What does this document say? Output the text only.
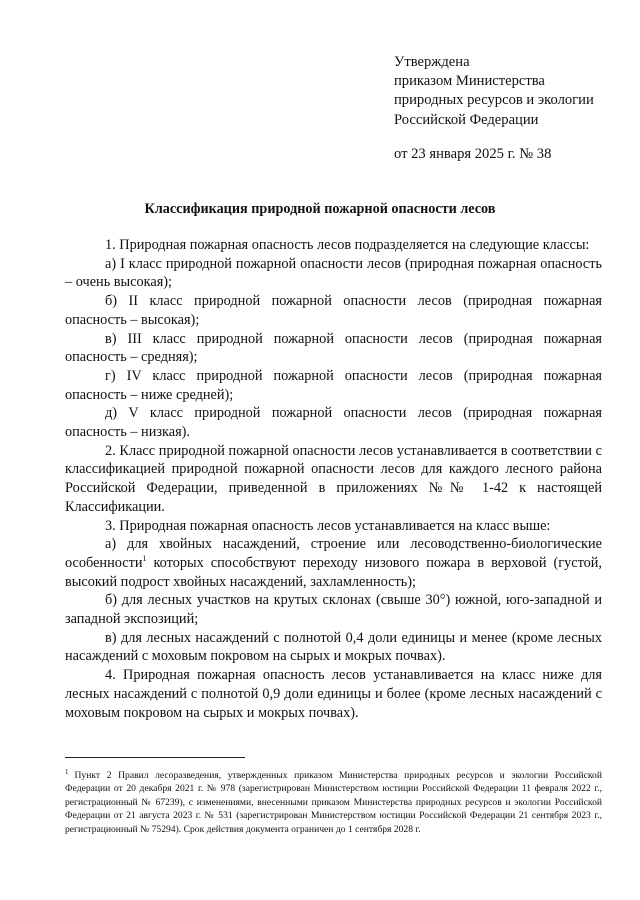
Утверждена
приказом Министерства
природных ресурсов и экологии
Российской Федерации
от 23 января 2025 г. № 38
Классификация природной пожарной опасности лесов

1. Природная пожарная опасность лесов подразделяется на следующие классы:

а) I класс природной пожарной опасности лесов (природная пожарная опасность – очень высокая);

б) II класс природной пожарной опасности лесов (природная пожарная опасность – высокая);

в) III класс природной пожарной опасности лесов (природная пожарная опасность – средняя);

г) IV класс природной пожарной опасности лесов (природная пожарная опасность – ниже средней);

д) V класс природной пожарной опасности лесов (природная пожарная опасность – низкая).

2. Класс природной пожарной опасности лесов устанавливается в соответствии с классификацией природной пожарной опасности лесов для каждого лесного района Российской Федерации, приведенной в приложениях №№ 1-42 к настоящей Классификации.

3. Природная пожарная опасность лесов устанавливается на класс выше:

а) для хвойных насаждений, строение или лесоводственно-биологические особенности$^1$ которых способствуют переходу низового пожара в верховой (густой, высокий подрост хвойных насаждений, захламленность);

б) для лесных участков на крутых склонах (свыше 30°) южной, юго-западной и западной экспозиций;

в) для лесных насаждений с полнотой 0,4 доли единицы и менее (кроме лесных насаждений с моховым покровом на сырых и мокрых почвах).

4. Природная пожарная опасность лесов устанавливается на класс ниже для лесных насаждений с полнотой 0,9 доли единицы и более (кроме лесных насаждений с моховым покровом на сырых и мокрых почвах).

$^1$ Пункт 2 Правил лесоразведения, утвержденных приказом Министерства природных ресурсов и экологии Российской Федерации от 20 декабря 2021 г. № 978 (зарегистрирован Министерством юстиции Российской Федерации 11 февраля 2022 г., регистрационный № 67239), с изменениями, внесенными приказом Министерства природных ресурсов и экологии Российской Федерации от 21 августа 2023 г. № 531 (зарегистрирован Министерством юстиции Российской Федерации 21 сентября 2023 г., регистрационный № 75294). Срок действия документа ограничен до 1 сентября 2028 г.
